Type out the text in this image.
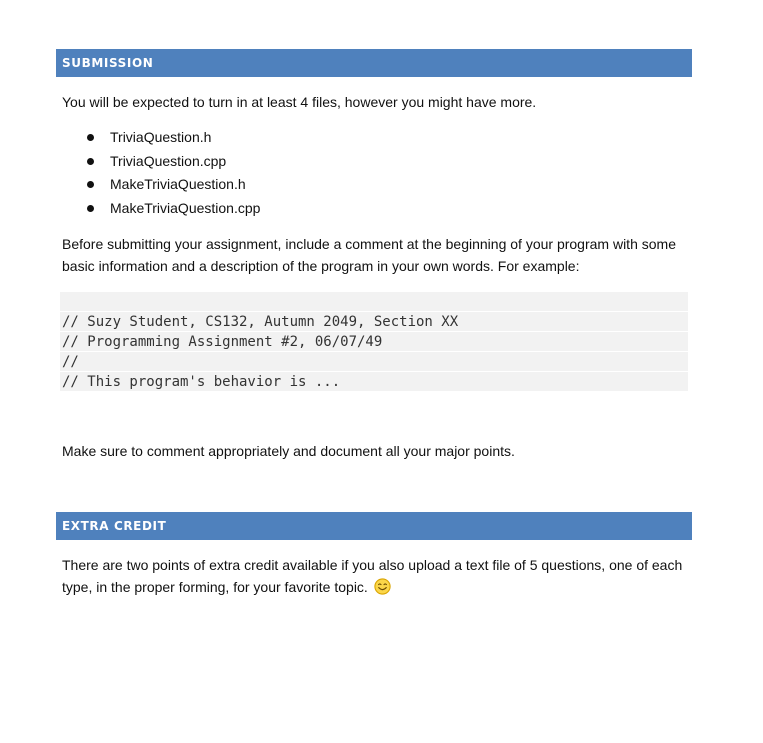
SUBMISSION

You will be expected to turn in at least 4 files, however you might have more.

TriviaQuestion.h
TriviaQuestion.cpp
MakeTriviaQuestion.h
MakeTriviaQuestion.cpp

Before submitting your assignment, include a comment at the beginning of your program with some basic information and a description of the program in your own words. For example:

// Suzy Student, CS132, Autumn 2049, Section XX
// Programming Assignment #2, 06/07/49
//
// This program's behavior is ...

Make sure to comment appropriately and document all your major points.

EXTRA CREDIT

There are two points of extra credit available if you also upload a text file of 5 questions, one of each type, in the proper forming, for your favorite topic.
